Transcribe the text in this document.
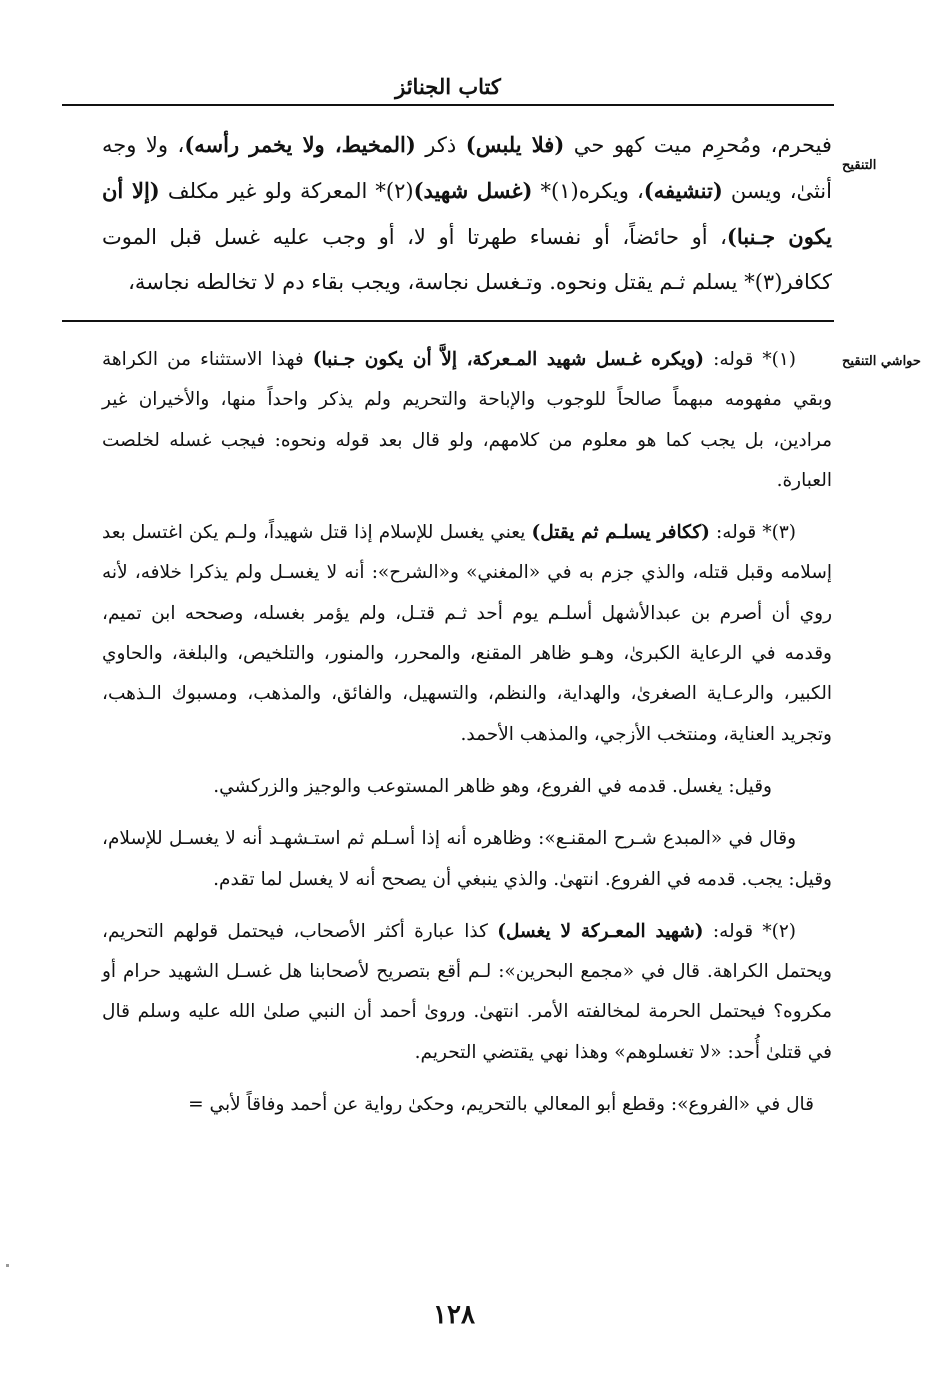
كتاب الجنائز
التنقيح

فيحرم، ومُحرِم ميت كهو حي (فلا يلبس) ذكر (المخيط، ولا يخمر رأسه)، ولا وجه أنثىٰ، ويسن (تنشيفه)، ويكره(١)* (غسل شهيد)(٢)* المعركة ولو غير مكلف (إلا أن يكون جـنبا)، أو حائضاً، أو نفساء طهرتا أو لا، أو وجب عليه غسل قبل الموت ككافر(٣)* يسلم ثـم يقتل ونحوه. وتـغسل نجاسة، ويجب بقاء دم لا تخالطه نجاسة،

حواشي التنقيح

(١)* قوله: (ويكره غـسل شهيد المـعركة، إلاَّ أن يكون جـنبا) فهذا الاستثناء من الكراهة وبقي مفهومه مبهماً صالحاً للوجوب والإباحة والتحريم ولم يذكر واحداً منها، والأخيران غير مرادين، بل يجب كما هو معلوم من كلامهم، ولو قال بعد قوله ونحوه: فيجب غسله لخلصت العبارة.

(٣)* قوله: (ككافر يسلـم ثم يقتل) يعني يغسل للإسلام إذا قتل شهيداً، ولـم يكن اغتسل بعد إسلامه وقبل قتله، والذي جزم به في «المغني» و«الشرح»: أنه لا يغسـل ولم يذكرا خلافه، لأنه روي أن أصرم بن عبدالأشهل أسلـم يوم أحد ثـم قتـل، ولم يؤمر بغسله، وصححه ابن تميم، وقدمه في الرعاية الكبرىٰ، وهـو ظاهر المقنع، والمحرر، والمنور، والتلخيص، والبلغة، والحاوي الكبير، والرعـاية الصغرىٰ، والهداية، والنظم، والتسهيل، والفائق، والمذهب، ومسبوك الـذهب، وتجريد العناية، ومنتخب الأزجي، والمذهب الأحمد.

وقيل: يغسل. قدمه في الفروع، وهو ظاهر المستوعب والوجيز والزركشي.

وقال في «المبدع شـرح المقنـع»: وظاهره أنه إذا أسـلم ثم استـشهـد أنه لا يغسـل للإسلام، وقيل: يجب. قدمه في الفروع. انتهىٰ. والذي ينبغي أن يصحح أنه لا يغسل لما تقدم.

(٢)* قوله: (شهيد المعـركة لا يغسل) كذا عبارة أكثر الأصحاب، فيحتمل قولهم التحريم، ويحتمل الكراهة. قال في «مجمع البحرين»: لـم أقع بتصريح لأصحابنا هل غسـل الشهيد حرام أو مكروه؟ فيحتمل الحرمة لمخالفته الأمر. انتهىٰ. وروىٰ أحمد أن النبي صلىٰ الله عليه وسلم قال في قتلىٰ أُحد: «لا تغسلوهم» وهذا نهي يقتضي التحريم.

قال في «الفروع»: وقطع أبو المعالي بالتحريم، وحكىٰ رواية عن أحمد وفاقاً لأبي =

١٢٨
